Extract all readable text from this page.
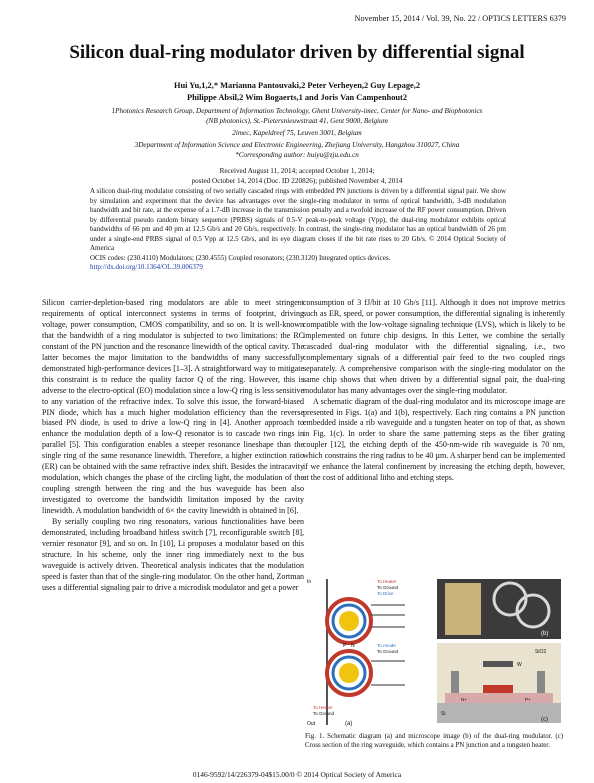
November 15, 2014 / Vol. 39, No. 22 / OPTICS LETTERS 6379
Silicon dual-ring modulator driven by differential signal
Hui Yu,1,2,* Marianna Pantouvaki,2 Peter Verheyen,2 Guy Lepage,2
Philippe Absil,2 Wim Bogaerts,1 and Joris Van Campenhout2
1Photonics Research Group, Department of Information Technology, Ghent University-imec, Center for Nano- and Biophotonics
(NB photonics), St.-Pietersnieuwstraat 41, Gent 9000, Belgium
2imec, Kapeldreef 75, Leuven 3001, Belgium
3Department of Information Science and Electronic Engineering, Zhejiang University, Hangzhou 310027, China
*Corresponding author: huiyu@zju.edu.cn
Received August 11, 2014; accepted October 1, 2014;
posted October 14, 2014 (Doc. ID 220826); published November 4, 2014
A silicon dual-ring modulator consisting of two serially cascaded rings with embedded PN junctions is driven by a differential signal pair. We show by simulation and experiment that the device has advantages over the single-ring modulator in terms of optical bandwidth, 3-dB modulation bandwidth and bit rate, at the expense of a 1.7-dB increase in the transmission penalty and a twofold increase of the RF power consumption. Driven by differential pseudo random binary sequence (PRBS) signals of 0.5-V peak-to-peak voltage (Vpp), the dual-ring modulator exhibits optical bandwidths of 66 pm and 40 pm at 12.5 Gb/s and 20 Gb/s, respectively. In contrast, the single-ring modulator has an optical bandwidth of 26 pm under a single-end PRBS signal of 0.5 Vpp at 12.5 Gb/s, and its eye diagram closes if the bit rate rises to 20 Gb/s. © 2014 Optical Society of America
OCIS codes: (230.4110) Modulators; (230.4555) Coupled resonators; (230.3120) Integrated optics devices.
http://dx.doi.org/10.1364/OL.39.006379

Silicon carrier-depletion-based ring modulators are able to meet stringent requirements of optical interconnect systems in terms of footprint, driving voltage, power consumption, CMOS compatibility, and so on. It is well-known that the bandwidth of a ring modulator is subjected to two limitations: the RC constant of the PN junction and the resonance linewidth of the optical cavity. The latter becomes the major limitation to the bandwidths of many successfully demonstrated high-performance devices [1–3]. A straightforward way to mitigate this constraint is to reduce the quality factor Q of the ring. However, this is adverse to the electro-optical (EO) modulation since a low-Q ring is less sensitive to any variation of the refractive index. To solve this issue, the forward-biased PIN diode, which has a much higher modulation efficiency than the reverse biased PN diode, is used to drive a low-Q ring in [4]. Another approach to enhance the modulation depth of a low-Q resonator is to cascade two rings in parallel [5]. This configuration enables a steeper resonance lineshape than the single ring of the same resonance linewidth. Therefore, a higher extinction ratio (ER) can be obtained with the same refractive index shift. Besides the intracavity modulation, which changes the phase of the circling light, the modulation of the coupling strength between the ring and the bus waveguide has been also investigated to overcome the bandwidth limitation imposed by the cavity linewidth. A modulation bandwidth of 6× the cavity linewidth is obtained in [6].

By serially coupling two ring resonators, various functionalities have been demonstrated, including broadband hitless switch [7], reconfigurable switch [8], vernier resonator [9], and so on. In [10], Li proposes a modulator based on this structure. In his scheme, only the inner ring immediately next to the bus waveguide is actively driven. Theoretical analysis indicates that the modulation speed is faster than that of the single-ring modulator. On the other hand, Zortman uses a differential signaling pair to drive a microdisk modulator and get a power

consumption of 3 fJ/bit at 10 Gb/s [11]. Although it does not improve metrics such as ER, speed, or power consumption, the differential signaling is inherently compatible with the low-voltage signaling technique (LVS), which is likely to be implemented on future chip designs. In this Letter, we combine the serially cascaded dual-ring modulator with the differential signaling, i.e., two complementary signals of a differential pair feed to the two coupled rings separately. A comprehensive comparison with the single-ring modulator on the same chip shows that when driven by a differential signal pair, the dual-ring modulator has many advantages over the single-ring modulator.

A schematic diagram of the dual-ring modulator and its microscope image are presented in Figs. 1(a) and 1(b), respectively. Each ring contains a PN junction embedded inside a rib waveguide and a tungsten heater on top of that, as shown in Fig. 1(c). In order to share the same patterning steps as the fiber grating coupler [12], the etching depth of the 450-nm-wide rib waveguide is 70 nm, which constrains the ring radius to be 40 µm. A sharper bend can be implemented if we enhance the lateral confinement by increasing the etching depth, however, at the cost of additional litho and etching steps.

To Heater
To Ground
To Drive
To Anode
To Ground
To Heater
To Ground
In
Out
P N
(a)
(b)
SiO2
Si
W
N+	P+
(c)
Fig. 1. Schematic diagram (a) and microscope image (b) of the dual-ring modulator. (c) Cross section of the ring waveguide, which contains a PN junction and a tungsten heater.
0146-9592/14/226379-04$15.00/0 © 2014 Optical Society of America
